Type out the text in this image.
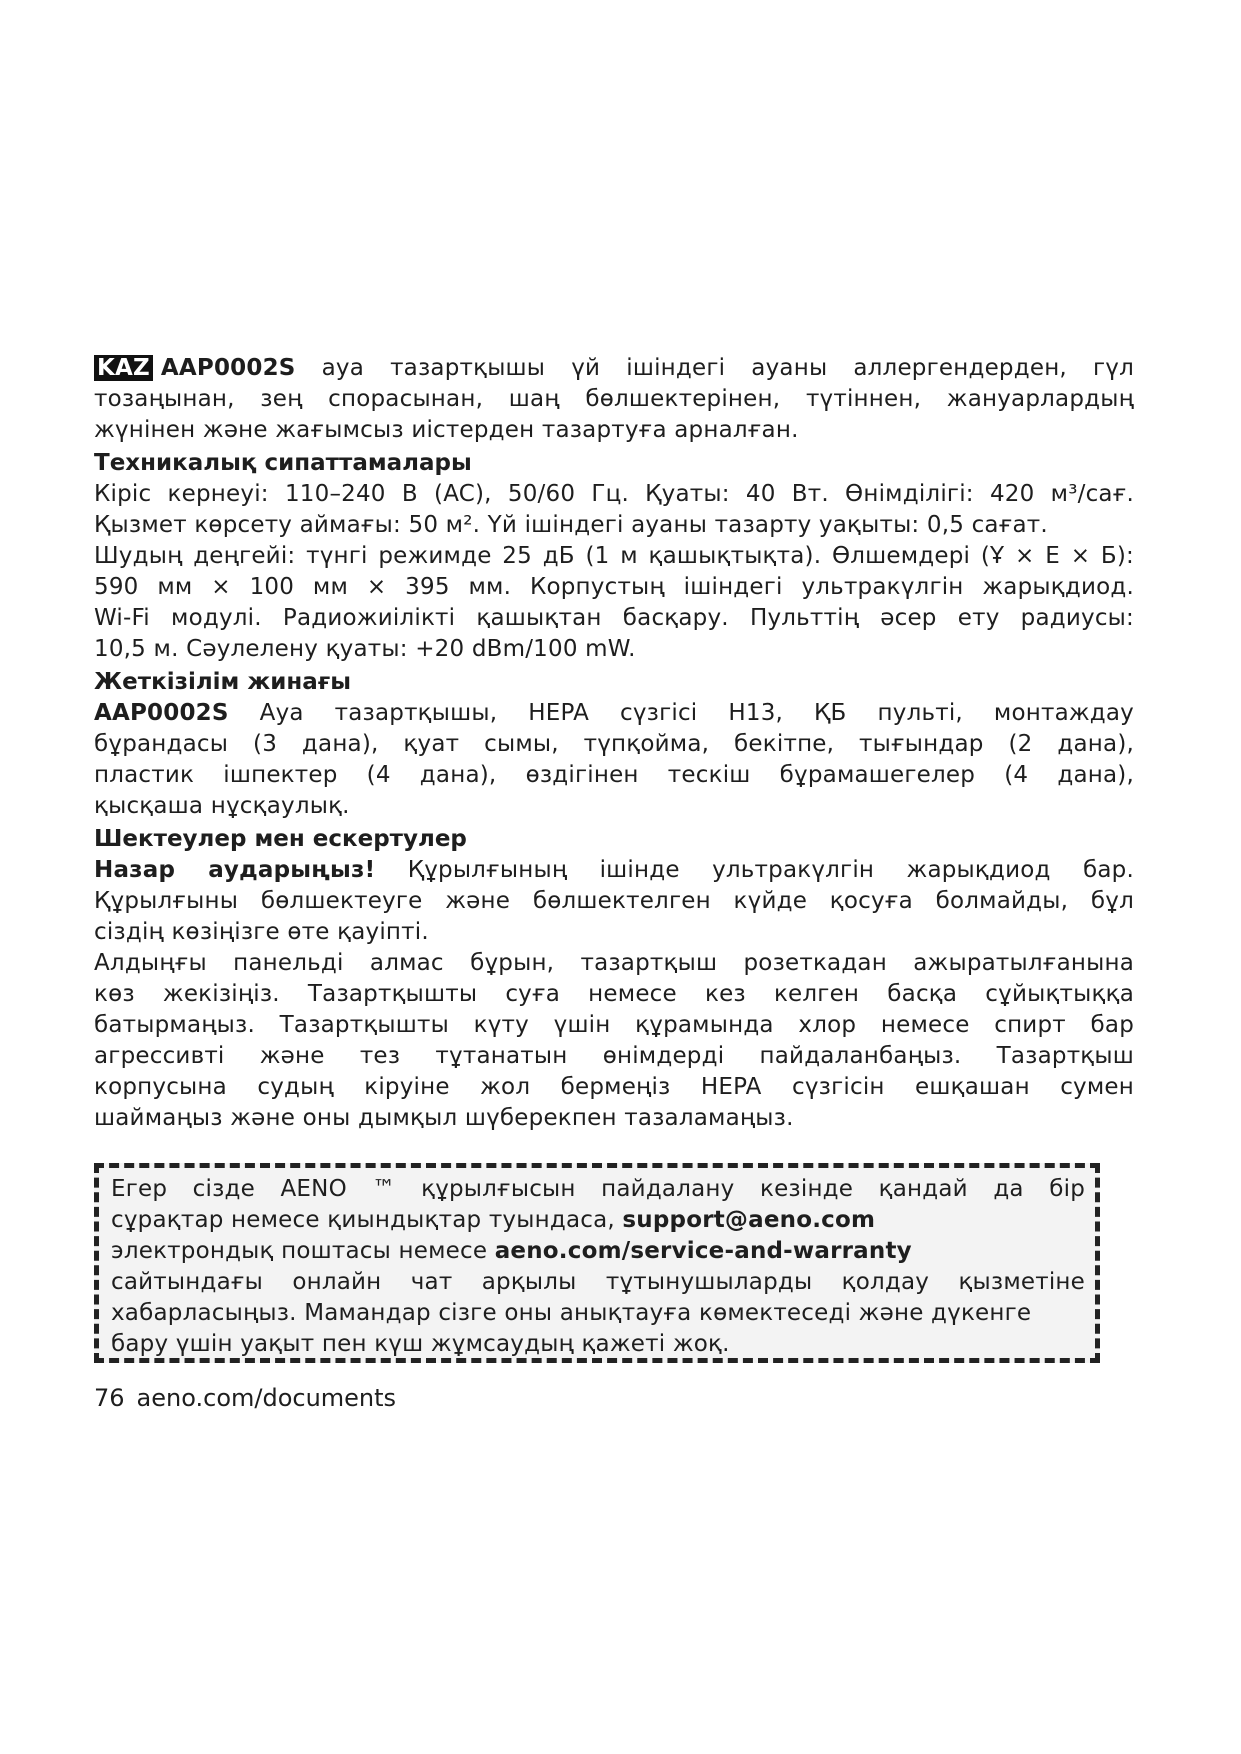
KAZ AAP0002S ауа тазартқышы үй ішіндегі ауаны аллергендерден, гүл
тозаңынан, зең спорасынан, шаң бөлшектерінен, түтіннен, жануарлардың
жүнінен және жағымсыз иістерден тазартуға арналған.
Техникалық сипаттамалары
Кіріс кернеуі: 110–240 В (AC), 50/60 Гц. Қуаты: 40 Вт. Өнімділігі: 420 м³/сағ.
Қызмет көрсету аймағы: 50 м². Үй ішіндегі ауаны тазарту уақыты: 0,5 сағат.
Шудың деңгейі: түнгі режимде 25 дБ (1 м қашықтықта). Өлшемдері (Ұ × Е × Б):
590 мм × 100 мм × 395 мм. Корпустың ішіндегі ультракүлгін жарықдиод.
Wi-Fi модулі. Радиожиілікті қашықтан басқару. Пульттің әсер ету радиусы:
10,5 м. Сәулелену қуаты: +20 dBm/100 mW.
Жеткізілім жинағы
AAP0002S Ауа тазартқышы, HEPA сүзгісі H13, ҚБ пульті, монтаждау
бұрандасы (3 дана), қуат сымы, түпқойма, бекітпе, тығындар (2 дана),
пластик ішпектер (4 дана), өздігінен тескіш бұрамашегелер (4 дана),
қысқаша нұсқаулық.
Шектеулер мен ескертулер
Назар аударыңыз! Құрылғының ішінде ультракүлгін жарықдиод бар.
Құрылғыны бөлшектеуге және бөлшектелген күйде қосуға болмайды, бұл
сіздің көзіңізге өте қауіпті.
Алдыңғы панельді алмас бұрын, тазартқыш розеткадан ажыратылғанына
көз жекізіңіз. Тазартқышты суға немесе кез келген басқа сұйықтыққа
батырмаңыз. Тазартқышты күту үшін құрамында хлор немесе спирт бар
агрессивті және тез тұтанатын өнімдерді пайдаланбаңыз. Тазартқыш
корпусына судың кіруіне жол бермеңіз HEPA сүзгісін ешқашан сумен
шаймаңыз және оны дымқыл шүберекпен тазаламаңыз.
Егер сізде AENO ™ құрылғысын пайдалану кезінде қандай да бір
сұрақтар немесе қиындықтар туындаса, support@aeno.com
электрондық поштасы немесе aeno.com/service-and-warranty
сайтындағы онлайн чат арқылы тұтынушыларды қолдау қызметіне
хабарласыңыз. Мамандар сізге оны анықтауға көмектеседі және дүкенге
бару үшін уақыт пен күш жұмсаудың қажеті жоқ.
76 aeno.com/documents
